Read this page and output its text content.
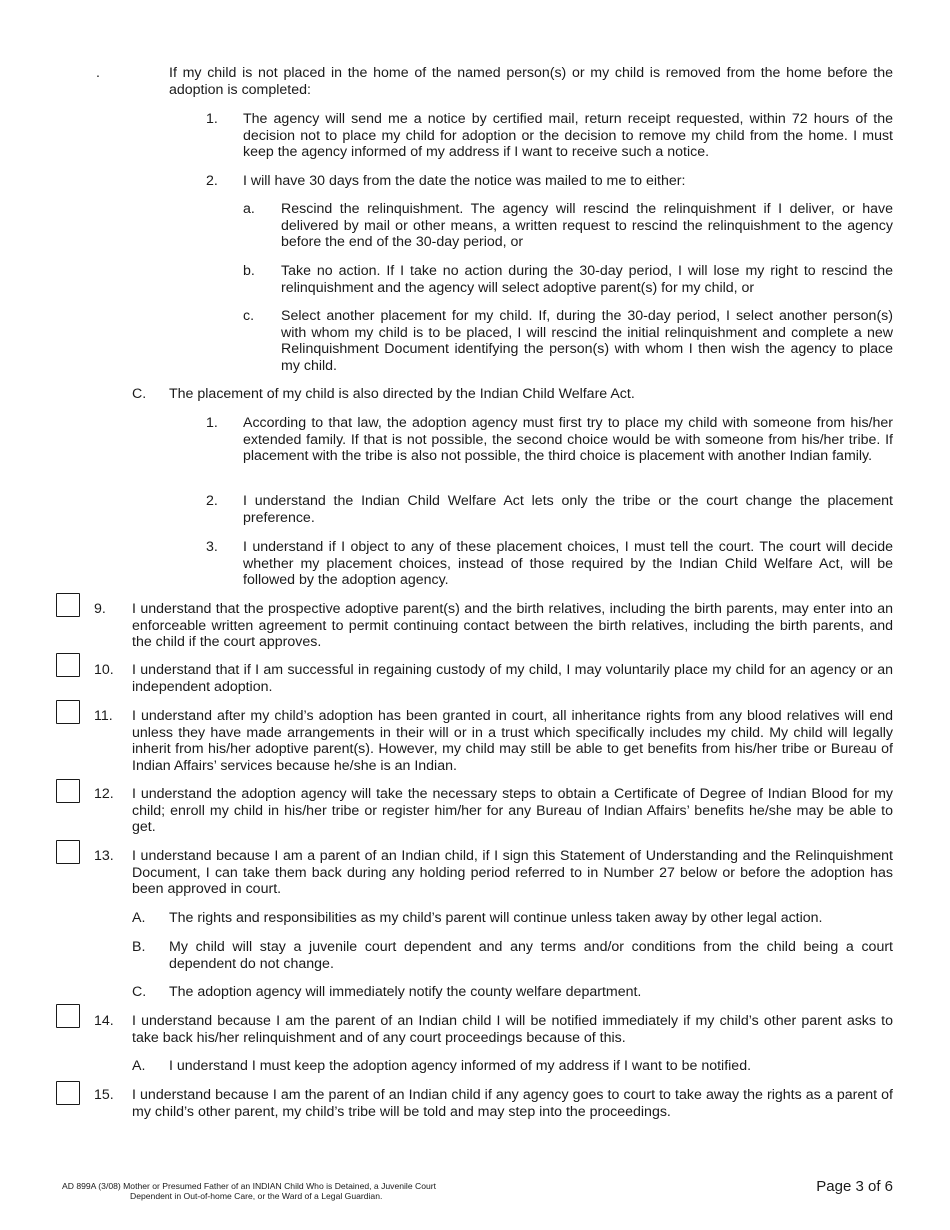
.	If my child is not placed in the home of the named person(s) or my child is removed from the home before the adoption is completed:
1. The agency will send me a notice by certified mail, return receipt requested, within 72 hours of the decision not to place my child for adoption or the decision to remove my child from the home. I must keep the agency informed of my address if I want to receive such a notice.
2. I will have 30 days from the date the notice was mailed to me to either:
a. Rescind the relinquishment. The agency will rescind the relinquishment if I deliver, or have delivered by mail or other means, a written request to rescind the relinquishment to the agency before the end of the 30-day period, or
b. Take no action. If I take no action during the 30-day period, I will lose my right to rescind the relinquishment and the agency will select adoptive parent(s) for my child, or
c. Select another placement for my child. If, during the 30-day period, I select another person(s) with whom my child is to be placed, I will rescind the initial relinquishment and complete a new Relinquishment Document identifying the person(s) with whom I then wish the agency to place my child.
C. The placement of my child is also directed by the Indian Child Welfare Act.
1. According to that law, the adoption agency must first try to place my child with someone from his/her extended family. If that is not possible, the second choice would be with someone from his/her tribe. If placement with the tribe is also not possible, the third choice is placement with another Indian family.
2. I understand the Indian Child Welfare Act lets only the tribe or the court change the placement preference.
3. I understand if I object to any of these placement choices, I must tell the court. The court will decide whether my placement choices, instead of those required by the Indian Child Welfare Act, will be followed by the adoption agency.
9. I understand that the prospective adoptive parent(s) and the birth relatives, including the birth parents, may enter into an enforceable written agreement to permit continuing contact between the birth relatives, including the birth parents, and the child if the court approves.
10. I understand that if I am successful in regaining custody of my child, I may voluntarily place my child for an agency or an independent adoption.
11. I understand after my child’s adoption has been granted in court, all inheritance rights from any blood relatives will end unless they have made arrangements in their will or in a trust which specifically includes my child. My child will legally inherit from his/her adoptive parent(s). However, my child may still be able to get benefits from his/her tribe or Bureau of Indian Affairs’ services because he/she is an Indian.
12. I understand the adoption agency will take the necessary steps to obtain a Certificate of Degree of Indian Blood for my child; enroll my child in his/her tribe or register him/her for any Bureau of Indian Affairs’ benefits he/she may be able to get.
13. I understand because I am a parent of an Indian child, if I sign this Statement of Understanding and the Relinquishment Document, I can take them back during any holding period referred to in Number 27 below or before the adoption has been approved in court.
A. The rights and responsibilities as my child’s parent will continue unless taken away by other legal action.
B. My child will stay a juvenile court dependent and any terms and/or conditions from the child being a court dependent do not change.
C. The adoption agency will immediately notify the county welfare department.
14. I understand because I am the parent of an Indian child I will be notified immediately if my child’s other parent asks to take back his/her relinquishment and of any court proceedings because of this.
A. I understand I must keep the adoption agency informed of my address if I want to be notified.
15. I understand because I am the parent of an Indian child if any agency goes to court to take away the rights as a parent of my child’s other parent, my child’s tribe will be told and may step into the proceedings.
AD 899A (3/08) Mother or Presumed Father of an INDIAN Child Who is Detained, a Juvenile Court
Dependent in Out-of-home Care, or the Ward of a Legal Guardian.
Page 3 of 6
